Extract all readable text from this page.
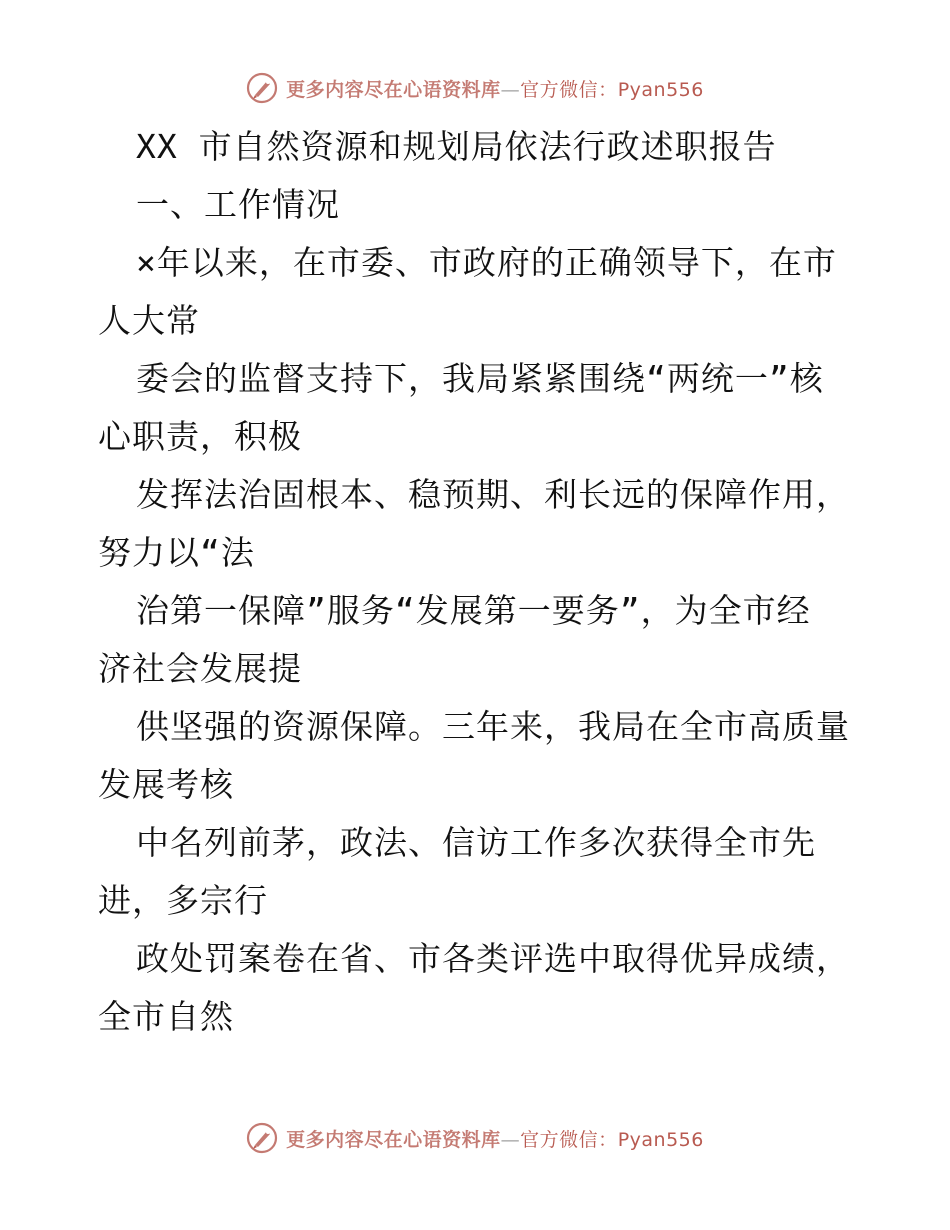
更多内容尽在心语资料库—官方微信：Pyan556
XX 市自然资源和规划局依法行政述职报告
一、工作情况
×年以来，在市委、市政府的正确领导下，在市
人大常
委会的监督支持下，我局紧紧围绕“两统一”核
心职责，积极
发挥法治固根本、稳预期、利长远的保障作用，
努力以“法
治第一保障”服务“发展第一要务”，为全市经
济社会发展提
供坚强的资源保障。三年来，我局在全市高质量
发展考核
中名列前茅，政法、信访工作多次获得全市先
进，多宗行
政处罚案卷在省、市各类评选中取得优异成绩，
全市自然
更多内容尽在心语资料库—官方微信：Pyan556
